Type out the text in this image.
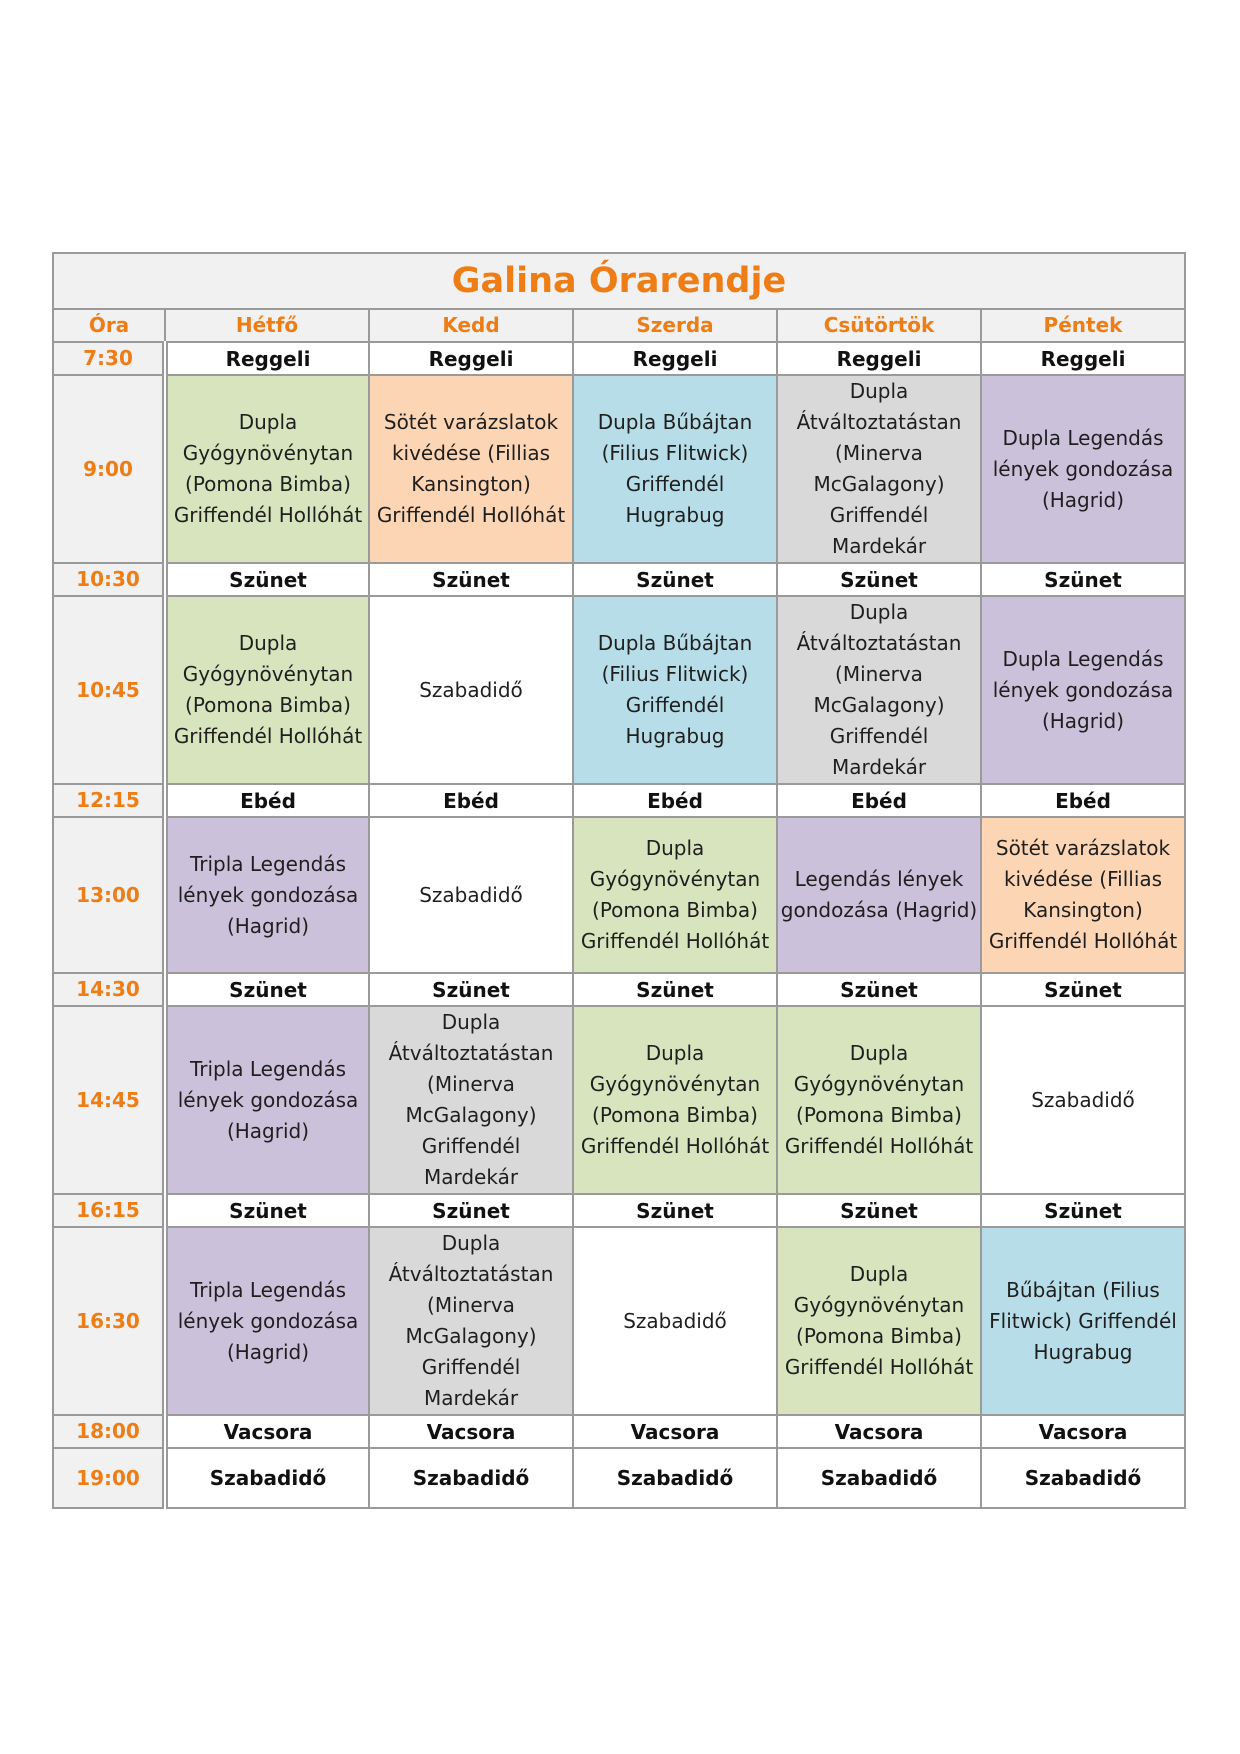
Galina Órarendje					
Óra	Hétfő	Kedd	Szerda	Csütörtök	Péntek
7:30	Reggeli	Reggeli	Reggeli	Reggeli	Reggeli
9:00	Dupla Gyógynövénytan (Pomona Bimba) Griffendél Hollóhát	Sötét varázslatok kivédése (Fillias Kansington) Griffendél Hollóhát	Dupla Bűbájtan (Filius Flitwick) Griffendél Hugrabug	Dupla Átváltoztatástan (Minerva McGalagony) Griffendél Mardekár	Dupla Legendás lények gondozása (Hagrid)
10:30	Szünet	Szünet	Szünet	Szünet	Szünet
10:45	Dupla Gyógynövénytan (Pomona Bimba) Griffendél Hollóhát	Szabadidő	Dupla Bűbájtan (Filius Flitwick) Griffendél Hugrabug	Dupla Átváltoztatástan (Minerva McGalagony) Griffendél Mardekár	Dupla Legendás lények gondozása (Hagrid)
12:15	Ebéd	Ebéd	Ebéd	Ebéd	Ebéd
13:00	Tripla Legendás lények gondozása (Hagrid)	Szabadidő	Dupla Gyógynövénytan (Pomona Bimba) Griffendél Hollóhát	Legendás lények gondozása (Hagrid)	Sötét varázslatok kivédése (Fillias Kansington) Griffendél Hollóhát
14:30	Szünet	Szünet	Szünet	Szünet	Szünet
14:45	Tripla Legendás lények gondozása (Hagrid)	Dupla Átváltoztatástan (Minerva McGalagony) Griffendél Mardekár	Dupla Gyógynövénytan (Pomona Bimba) Griffendél Hollóhát	Dupla Gyógynövénytan (Pomona Bimba) Griffendél Hollóhát	Szabadidő
16:15	Szünet	Szünet	Szünet	Szünet	Szünet
16:30	Tripla Legendás lények gondozása (Hagrid)	Dupla Átváltoztatástan (Minerva McGalagony) Griffendél Mardekár	Szabadidő	Dupla Gyógynövénytan (Pomona Bimba) Griffendél Hollóhát	Bűbájtan (Filius Flitwick) Griffendél Hugrabug
18:00	Vacsora	Vacsora	Vacsora	Vacsora	Vacsora
19:00	Szabadidő	Szabadidő	Szabadidő	Szabadidő	Szabadidő
